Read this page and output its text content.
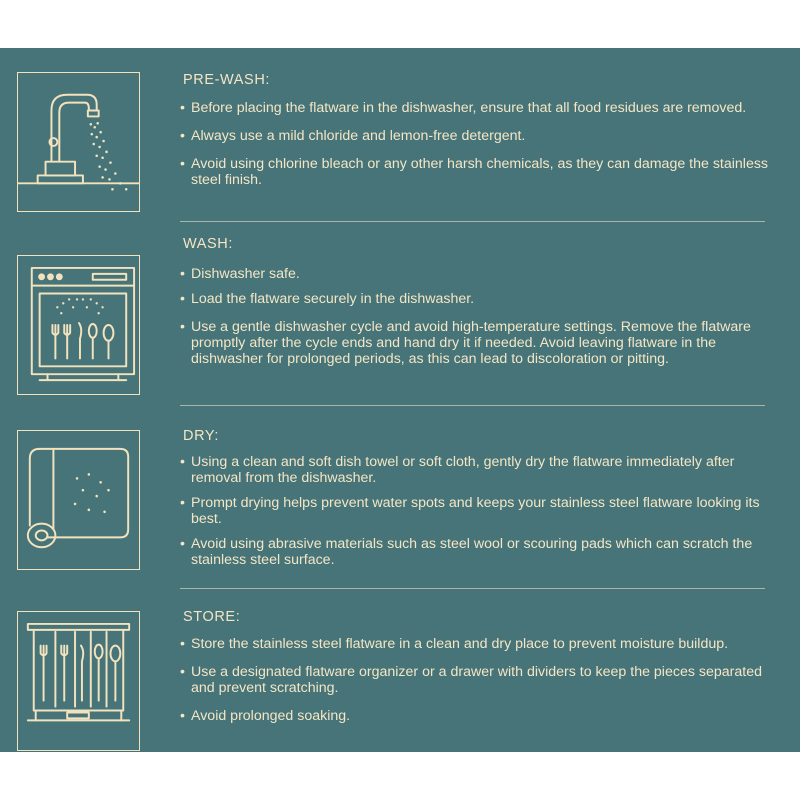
PRE-WASH:
• Before placing the flatware in the dishwasher, ensure that all food residues are removed.
• Always use a mild chloride and lemon-free detergent.
• Avoid using chlorine bleach or any other harsh chemicals, as they can damage the stainless steel finish.
WASH:
• Dishwasher safe.
• Load the flatware securely in the dishwasher.
• Use a gentle dishwasher cycle and avoid high-temperature settings. Remove the flatware promptly after the cycle ends and hand dry it if needed. Avoid leaving flatware in the dishwasher for prolonged periods, as this can lead to discoloration or pitting.
DRY:
• Using a clean and soft dish towel or soft cloth, gently dry the flatware immediately after removal from the dishwasher.
• Prompt drying helps prevent water spots and keeps your stainless steel flatware looking its best.
• Avoid using abrasive materials such as steel wool or scouring pads which can scratch the stainless steel surface.
STORE:
• Store the stainless steel flatware in a clean and dry place to prevent moisture buildup.
• Use a designated flatware organizer or a drawer with dividers to keep the pieces separated and prevent scratching.
• Avoid prolonged soaking.
